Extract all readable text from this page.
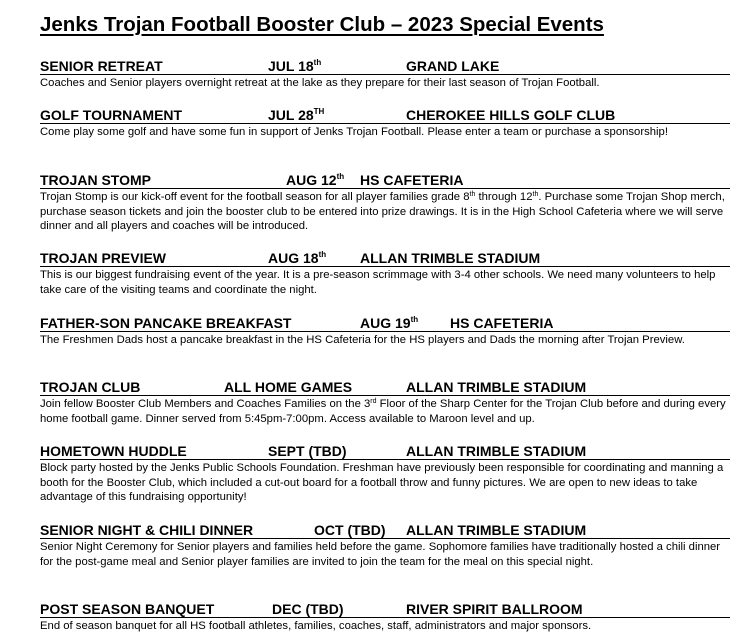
Jenks Trojan Football Booster Club – 2023 Special Events
SENIOR RETREAT	JUL 18th	GRAND LAKE
Coaches and Senior players overnight retreat at the lake as they prepare for their last season of Trojan Football.
GOLF TOURNAMENT	JUL 28TH	CHEROKEE HILLS GOLF CLUB
Come play some golf and have some fun in support of Jenks Trojan Football. Please enter a team or purchase a sponsorship!
TROJAN STOMP	AUG 12th HS CAFETERIA
Trojan Stomp is our kick-off event for the football season for all player families grade 8th through 12th. Purchase some Trojan Shop merch, purchase season tickets and join the booster club to be entered into prize drawings. It is in the High School Cafeteria where we will serve dinner and all players and coaches will be introduced.
TROJAN PREVIEW	AUG 18th ALLAN TRIMBLE STADIUM
This is our biggest fundraising event of the year. It is a pre-season scrimmage with 3-4 other schools. We need many volunteers to help take care of the visiting teams and coordinate the night.
FATHER-SON PANCAKE BREAKFAST	AUG 19th HS CAFETERIA
The Freshmen Dads host a pancake breakfast in the HS Cafeteria for the HS players and Dads the morning after Trojan Preview.
TROJAN CLUB	ALL HOME GAMES	ALLAN TRIMBLE STADIUM
Join fellow Booster Club Members and Coaches Families on the 3rd Floor of the Sharp Center for the Trojan Club before and during every home football game. Dinner served from 5:45pm-7:00pm. Access available to Maroon level and up.
HOMETOWN HUDDLE	SEPT (TBD)	ALLAN TRIMBLE STADIUM
Block party hosted by the Jenks Public Schools Foundation. Freshman have previously been responsible for coordinating and manning a booth for the Booster Club, which included a cut-out board for a football throw and funny pictures. We are open to new ideas to take advantage of this fundraising opportunity!
SENIOR NIGHT & CHILI DINNER	OCT (TBD) ALLAN TRIMBLE STADIUM
Senior Night Ceremony for Senior players and families held before the game. Sophomore families have traditionally hosted a chili dinner for the post-game meal and Senior player families are invited to join the team for the meal on this special night.
POST SEASON BANQUET	DEC (TBD)	RIVER SPIRIT BALLROOM
End of season banquet for all HS football athletes, families, coaches, staff, administrators and major sponsors.
